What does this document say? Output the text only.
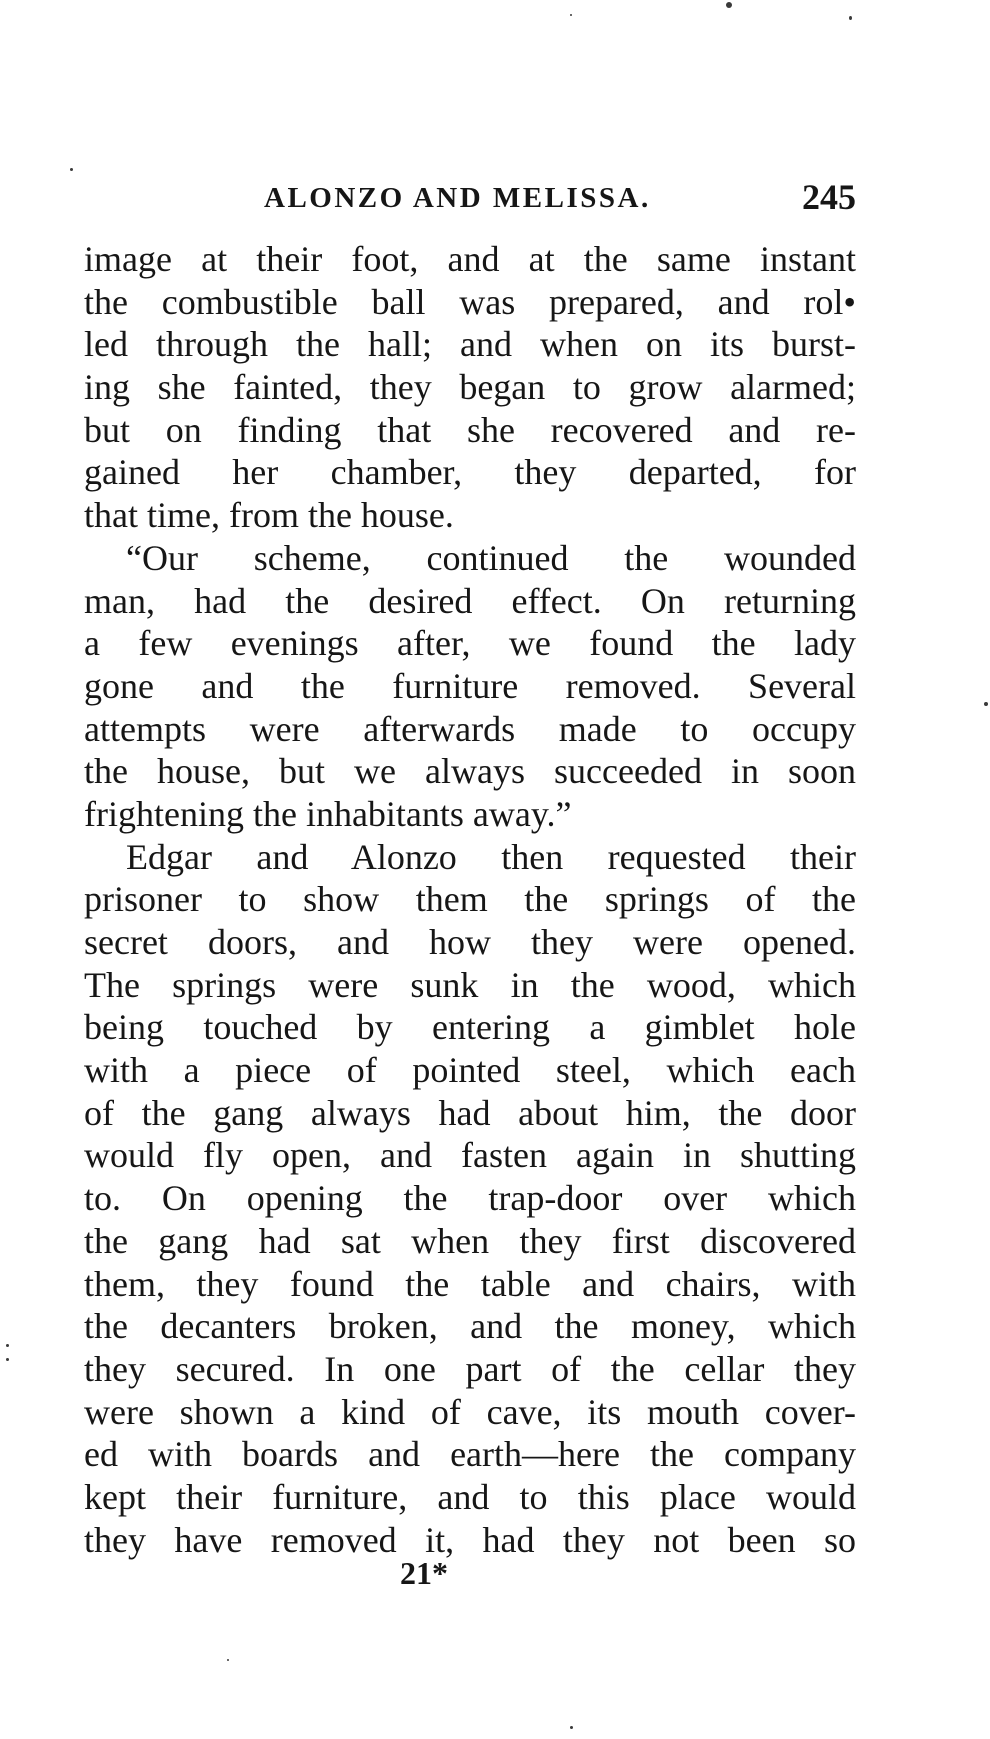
ALONZO AND MELISSA.	245
image at their foot, and at the same instant
the combustible ball was prepared, and rol•
led through the hall; and when on its burst-
ing she fainted, they began to grow alarmed;
but on finding that she recovered and re-
gained her chamber, they departed, for
that time, from the house.
“Our scheme, continued the wounded
man, had the desired effect. On returning
a few evenings after, we found the lady
gone and the furniture removed. Several
attempts were afterwards made to occupy
the house, but we always succeeded in soon
frightening the inhabitants away.”
Edgar and Alonzo then requested their
prisoner to show them the springs of the
secret doors, and how they were opened.
The springs were sunk in the wood, which
being touched by entering a gimblet hole
with a piece of pointed steel, which each
of the gang always had about him, the door
would fly open, and fasten again in shutting
to. On opening the trap-door over which
the gang had sat when they first discovered
them, they found the table and chairs, with
the decanters broken, and the money, which
they secured. In one part of the cellar they
were shown a kind of cave, its mouth cover-
ed with boards and earth—here the company
kept their furniture, and to this place would
they have removed it, had they not been so
21*
